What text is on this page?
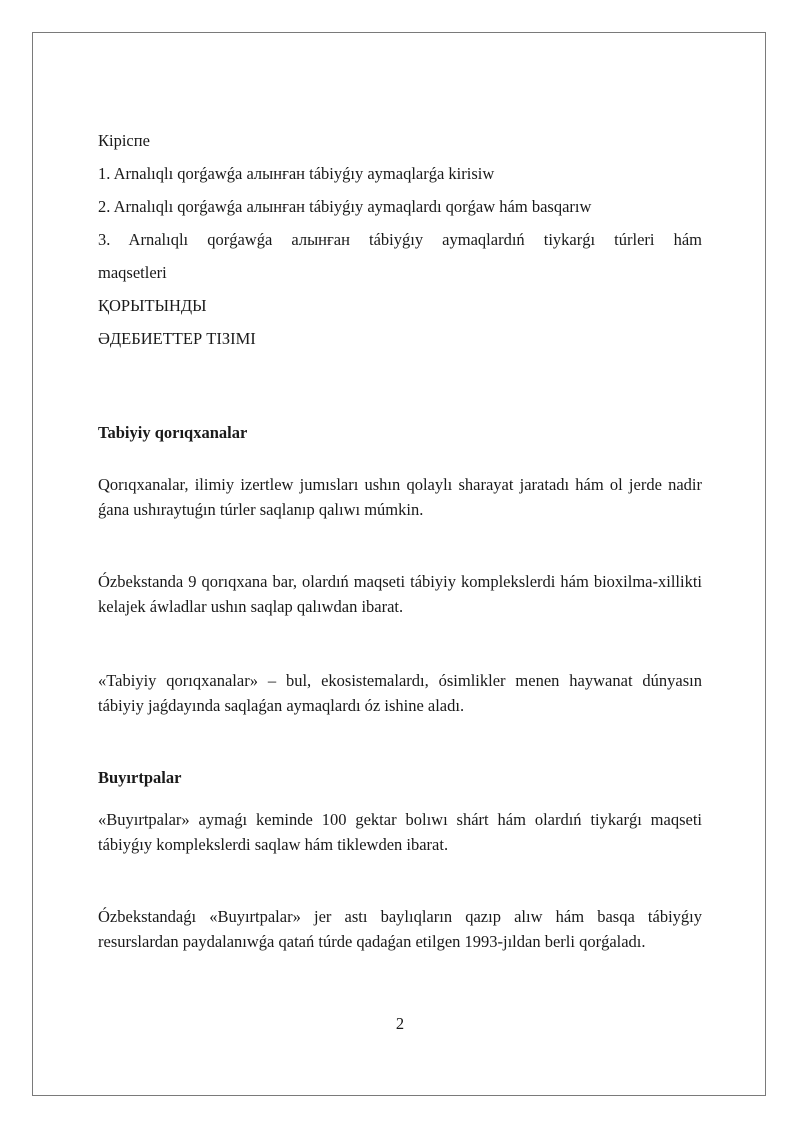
Кiрiспе

1. Arnalıqlı qorǵawǵa алынған tábiyǵıy aymaqlarǵa kirisiw

2. Arnalıqlı qorǵawǵa алынған tábiyǵıy aymaqlardı qorǵaw hám basqarıw

3. Arnalıqlı qorǵawǵa алынған tábiyǵıy aymaqlardıń tiykarǵı túrleri hám

maqsetleri

ҚОРЫТЫНДЫ

ӘДЕБИЕТТЕР ТIЗIМI

Tabiyiy qorıqxanalar

Qorıqxanalar, ilimiy izertlew jumısları ushın qolaylı sharayat jaratadı hám ol jerde nadir ǵana ushıraytuǵın túrler saqlanıp qalıwı múmkin.

Ózbekstanda 9 qorıqxana bar, olardıń maqseti tábiyiy komplekslerdi hám bioxilma-xillikti kelajek áwladlar ushın saqlap qalıwdan ibarat.

«Tabiyiy qorıqxanalar» – bul, ekosistemalardı, ósimlikler menen haywanat dúnyasın tábiyiy jaǵdayında saqlaǵan aymaqlardı óz ishine aladı.

Buyırtpalar

«Buyırtpalar» aymaǵı keminde 100 gektar bolıwı shárt hám olardıń tiykarǵı maqseti tábiyǵıy komplekslerdi saqlaw hám tiklewden ibarat.

Ózbekstandaǵı «Buyırtpalar» jer astı baylıqların qazıp alıw hám basqa tábiyǵıy resurslardan paydalanıwǵa qatań túrde qadaǵan etilgen 1993-jıldan berli qorǵaladı.

2
